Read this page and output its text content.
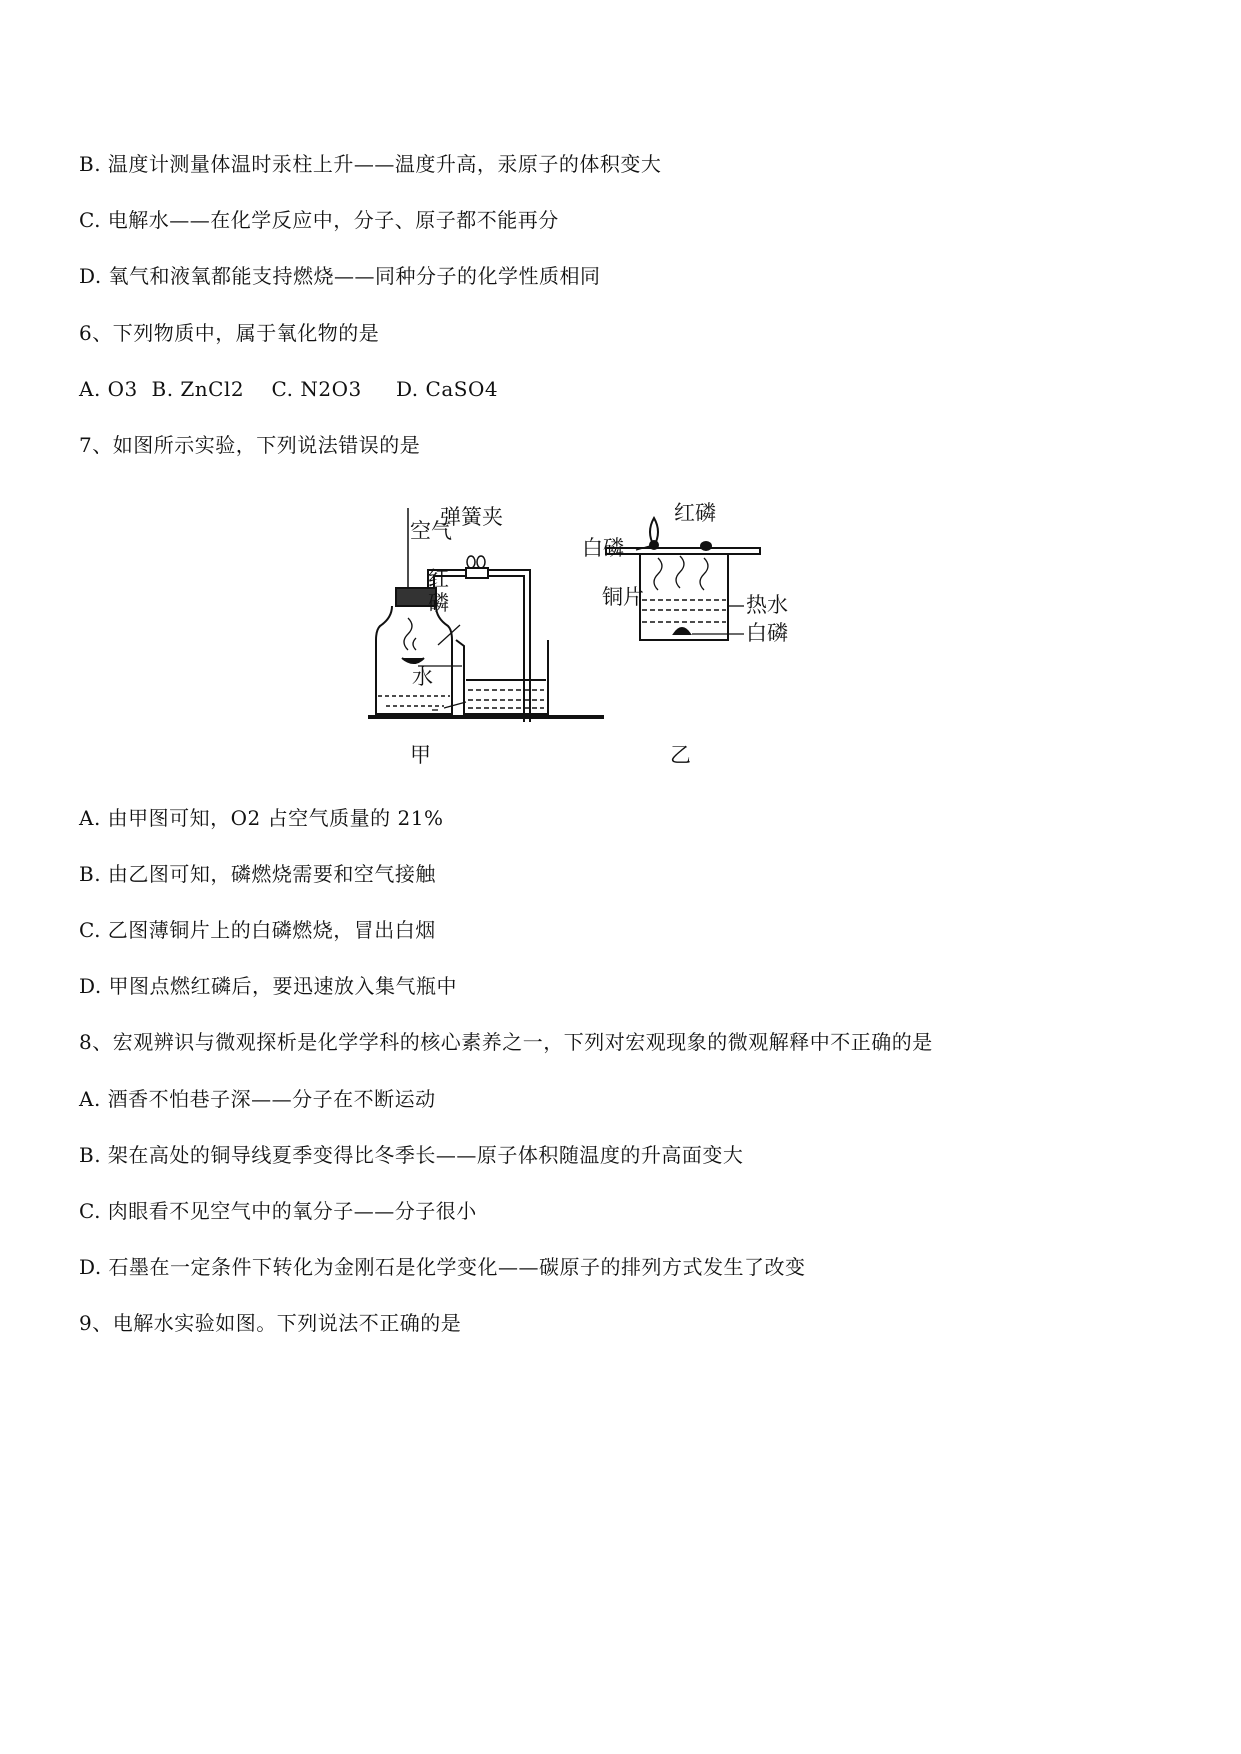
B. 温度计测量体温时汞柱上升——温度升高，汞原子的体积变大
C. 电解水——在化学反应中，分子、原子都不能再分
D. 氧气和液氧都能支持燃烧——同种分子的化学性质相同
6、下列物质中，属于氧化物的是
A. O3  B. ZnCl2    C. N2O3     D. CaSO4
7、如图所示实验，下列说法错误的是
弹簧夹
空气
红
磷
水
甲
红磷
白磷
铜片	热水
白磷
乙
A. 由甲图可知，O2 占空气质量的 21%
B. 由乙图可知，磷燃烧需要和空气接触
C. 乙图薄铜片上的白磷燃烧，冒出白烟
D. 甲图点燃红磷后，要迅速放入集气瓶中
8、宏观辨识与微观探析是化学学科的核心素养之一，下列对宏观现象的微观解释中不正确的是
A. 酒香不怕巷子深——分子在不断运动
B. 架在高处的铜导线夏季变得比冬季长——原子体积随温度的升高面变大
C. 肉眼看不见空气中的氧分子——分子很小
D. 石墨在一定条件下转化为金刚石是化学变化——碳原子的排列方式发生了改变
9、电解水实验如图。下列说法不正确的是
